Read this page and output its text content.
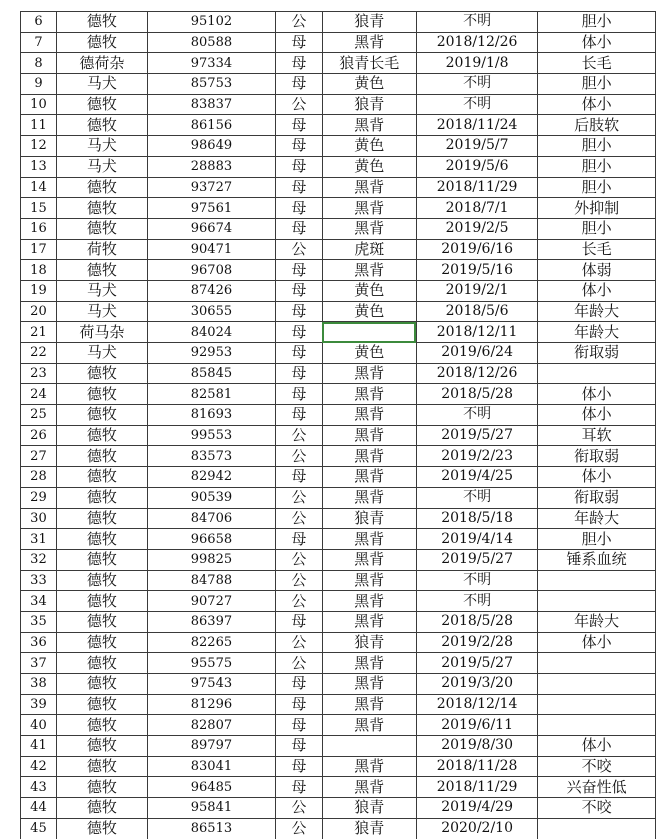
6	德牧	95102	公	狼青	不明	胆小
7	德牧	80588	母	黑背	2018/12/26	体小
8	德荷杂	97334	母	狼青长毛	2019/1/8	长毛
9	马犬	85753	母	黄色	不明	胆小
10	德牧	83837	公	狼青	不明	体小
11	德牧	86156	母	黑背	2018/11/24	后肢软
12	马犬	98649	母	黄色	2019/5/7	胆小
13	马犬	28883	母	黄色	2019/5/6	胆小
14	德牧	93727	母	黑背	2018/11/29	胆小
15	德牧	97561	母	黑背	2018/7/1	外抑制
16	德牧	96674	母	黑背	2019/2/5	胆小
17	荷牧	90471	公	虎斑	2019/6/16	长毛
18	德牧	96708	母	黑背	2019/5/16	体弱
19	马犬	87426	母	黄色	2019/2/1	体小
20	马犬	30655	母	黄色	2018/5/6	年龄大
21	荷马杂	84024	母		2018/12/11	年龄大
22	马犬	92953	母	黄色	2019/6/24	衔取弱
23	德牧	85845	母	黑背	2018/12/26	
24	德牧	82581	母	黑背	2018/5/28	体小
25	德牧	81693	母	黑背	不明	体小
26	德牧	99553	公	黑背	2019/5/27	耳软
27	德牧	83573	公	黑背	2019/2/23	衔取弱
28	德牧	82942	母	黑背	2019/4/25	体小
29	德牧	90539	公	黑背	不明	衔取弱
30	德牧	84706	公	狼青	2018/5/18	年龄大
31	德牧	96658	母	黑背	2019/4/14	胆小
32	德牧	99825	公	黑背	2019/5/27	锤系血统
33	德牧	84788	公	黑背	不明	
34	德牧	90727	公	黑背	不明	
35	德牧	86397	母	黑背	2018/5/28	年龄大
36	德牧	82265	公	狼青	2019/2/28	体小
37	德牧	95575	公	黑背	2019/5/27	
38	德牧	97543	母	黑背	2019/3/20	
39	德牧	81296	母	黑背	2018/12/14	
40	德牧	82807	母	黑背	2019/6/11	
41	德牧	89797	母		2019/8/30	体小
42	德牧	83041	母	黑背	2018/11/28	不咬
43	德牧	96485	母	黑背	2018/11/29	兴奋性低
44	德牧	95841	公	狼青	2019/4/29	不咬
45	德牧	86513	公	狼青	2020/2/10	
